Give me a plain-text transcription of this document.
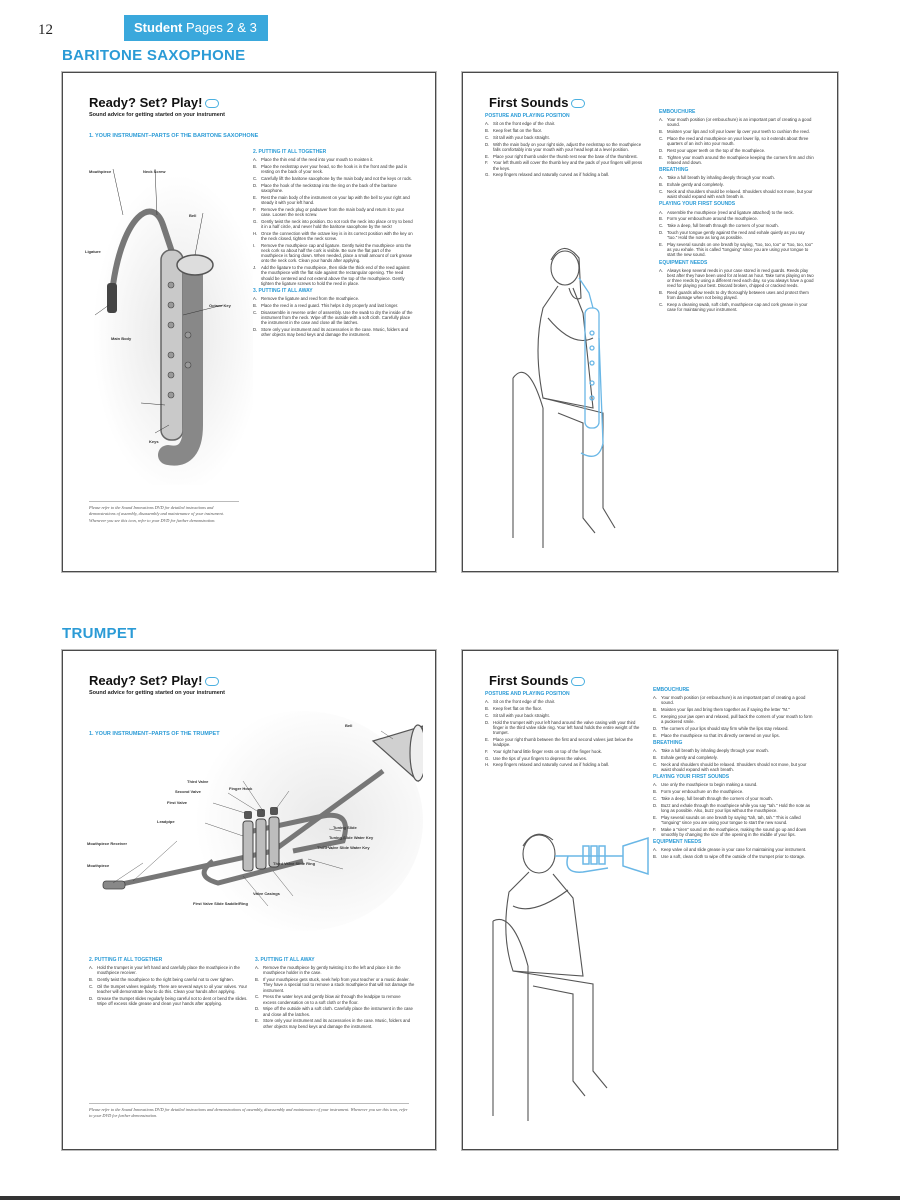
12	Student Pages 2 & 3
BARITONE SAXOPHONE
Ready? Set? Play!
Sound advice for getting started on your instrument
1. YOUR INSTRUMENT–PARTS OF THE BARITONE SAXOPHONE
Mouthpiece	Neck Screw
Bell
Ligature
Octave Key
Main Body
Keys
2. PUTTING IT ALL TOGETHER
A. Place the thin end of the reed into your mouth to moisten it.
B. Place the neckstrap over your head, so the hook is in the front and the pad is resting on the back of your neck.
C. Carefully lift the baritone saxophone by the main body and not the keys or rods.
D. Place the hook of the neckstrap into the ring on the back of the baritone saxophone.
E. Rest the main body of the instrument on your lap with the bell to your right and steady it with your left hand.
F.	Remove the neck plug or padsaver from the main body and return it to your case. Loosen the neck screw.
G. Gently twist the neck into position. Do not rock the neck into place or try to bend it in a half circle, and never hold the baritone saxophone by the neck!
H. Once the connection with the octave key is in its correct position with the key on the neck closed, tighten the neck screw.
I.	Remove the mouthpiece cap and ligature. Gently twist the mouthpiece onto the neck cork so about half the cork is visible. Be sure the flat part of the mouthpiece is facing down. When needed, place a small amount of cork grease onto the neck cork. Clean your hands after applying.
J.	Add the ligature to the mouthpiece, then slide the thick end of the reed against the mouthpiece with the flat side against the rectangular opening. The reed should be centered and not extend above the top of the mouthpiece. Gently tighten the ligature screws to hold the reed in place.
3. PUTTING IT ALL AWAY
A. Remove the ligature and reed from the mouthpiece.
B. Place the reed in a reed guard. This helps it dry properly and last longer.
C. Disassemble in reverse order of assembly. Use the swab to dry the inside of the instrument from the neck. Wipe off the outside with a soft cloth. Carefully place the instrument in the case and close all the latches.
D. Store only your instrument and its accessories in the case. Music, folders and other objects may bend keys and damage the instrument.
Please refer to the Sound Innovations DVD for detailed instructions and demonstrations of assembly, disassembly and maintenance of your instrument. Whenever you see this icon, refer to your DVD for further demonstration.
First Sounds
POSTURE AND PLAYING POSITION
A. Sit on the front edge of the chair.
B. Keep feet flat on the floor.
C. Sit tall with your back straight.
D. With the main body on your right side, adjust the neckstrap so the mouthpiece falls comfortably into your mouth with your head kept at a level position.
E. Place your right thumb under the thumb rest near the base of the thumbrest.
F.	Your left thumb will cover the thumb key and the pads of your fingers will press the keys.
G. Keep fingers relaxed and naturally curved as if holding a ball.
EMBOUCHURE
A. Your mouth position (or embouchure) is an important part of creating a good sound.
B. Moisten your lips and roll your lower lip over your teeth to cushion the reed.
C. Place the reed and mouthpiece on your lower lip, so it extends about three quarters of an inch into your mouth.
D. Rest your upper teeth on the top of the mouthpiece.
E. Tighten your mouth around the mouthpiece keeping the corners firm and chin relaxed and down.
BREATHING
A. Take a full breath by inhaling deeply through your mouth.
B. Exhale gently and completely.
C. Neck and shoulders should be relaxed. Shoulders should not move, but your waist should expand with each breath in.
PLAYING YOUR FIRST SOUNDS
A. Assemble the mouthpiece (reed and ligature attached) to the neck.
B. Form your embouchure around the mouthpiece.
C. Take a deep, full breath through the corners of your mouth.
D. Touch your tongue gently against the reed and exhale quietly as you say "too." Hold the note as long as possible.
E. Play several sounds on one breath by saying, "too, too, too" or "too, too, too" as you exhale. This is called "tonguing" since you are using your tongue to start the new sound.
EQUIPMENT NEEDS
A. Always keep several reeds in your case stored in reed guards. Reeds play best after they have been used for at least an hour. Take turns playing on two or three reeds by using a different reed each day, so you always have a good reed for playing your best. Discard broken, chipped or cracked reeds.
B. Reed guards allow reeds to dry thoroughly between uses and protect them from damage when not being played.
C. Keep a cleaning swab, soft cloth, mouthpiece cap and cork grease in your case for maintaining your instrument.
TRUMPET
Ready? Set? Play!
Sound advice for getting started on your instrument
1. YOUR INSTRUMENT–PARTS OF THE TRUMPET
Bell
Third Valve
Second Valve
First Valve
Finger Hook
Leadpipe
Tuning Slide
Tuning Slide Water Key
Third Valve Slide Water Key
Mouthpiece Receiver
Mouthpiece	Third Valve Slide Ring
Valve Casings
First Valve Slide Saddle/Ring
2. PUTTING IT ALL TOGETHER
A. Hold the trumpet in your left hand and carefully place the mouthpiece in the mouthpiece receiver.
B. Gently twist the mouthpiece to the right being careful not to over tighten.
C. Oil the trumpet valves regularly. There are several ways to oil your valves. Your teacher will demonstrate how to do this. Clean your hands after applying.
D. Grease the trumpet slides regularly being careful not to dent or bend the slides. Wipe off excess slide grease and clean your hands after applying.
3. PUTTING IT ALL AWAY
A. Remove the mouthpiece by gently twisting it to the left and place it in the mouthpiece holder in the case.
B. If your mouthpiece gets stuck, seek help from your teacher or a music dealer. They have a special tool to remove a stuck mouthpiece that will not damage the instrument.
C. Press the water keys and gently blow air through the leadpipe to remove excess condensation on to a soft cloth or the floor.
D. Wipe off the outside with a soft cloth. Carefully place the instrument in the case and close all the latches.
E. Store only your instrument and its accessories in the case. Music, folders and other objects may bend keys and damage the instrument.
Please refer to the Sound Innovations DVD for detailed instructions and demonstrations of assembly, disassembly and maintenance of your instrument. Whenever you see this icon, refer to your DVD for further demonstration.
First Sounds
POSTURE AND PLAYING POSITION
A. Sit on the front edge of the chair.
B. Keep feet flat on the floor.
C. Sit tall with your back straight.
D. Hold the trumpet with your left hand around the valve casing with your third finger in the third valve slide ring. Your left hand holds the entire weight of the trumpet.
E. Place your right thumb between the first and second valves just below the leadpipe.
F.	Your right hand little finger rests on top of the finger hook.
G. Use the tips of your fingers to depress the valves.
H. Keep fingers relaxed and naturally curved as if holding a ball.
EMBOUCHURE
A. Your mouth position (or embouchure) is an important part of creating a good sound.
B. Moisten your lips and bring them together as if saying the letter "M."
C. Keeping your jaw open and relaxed, pull back the corners of your mouth to form a puckered smile.
D. The corners of your lips should stay firm while the lips stay relaxed.
E. Place the mouthpiece so that it's directly centered on your lips.
BREATHING
A. Take a full breath by inhaling deeply through your mouth.
B. Exhale gently and completely.
C. Neck and shoulders should be relaxed. Shoulders should not move, but your waist should expand with each breath.
PLAYING YOUR FIRST SOUNDS
A. Use only the mouthpiece to begin making a sound.
B. Form your embouchure on the mouthpiece.
C. Take a deep, full breath through the corners of your mouth.
D. Buzz and exhale through the mouthpiece while you say "tah." Hold the note as long as possible. Also, buzz your lips without the mouthpiece.
E. Play several sounds on one breath by saying "tah, tah, tah." This is called "tonguing" since you are using your tongue to start the new sound.
F.	Make a "siren" sound on the mouthpiece, making the sound go up and down smoothly by changing the size of the opening in the middle of your lips.
EQUIPMENT NEEDS
A. Keep valve oil and slide grease in your case for maintaining your instrument.
B. Use a soft, clean cloth to wipe off the outside of the trumpet prior to storage.
